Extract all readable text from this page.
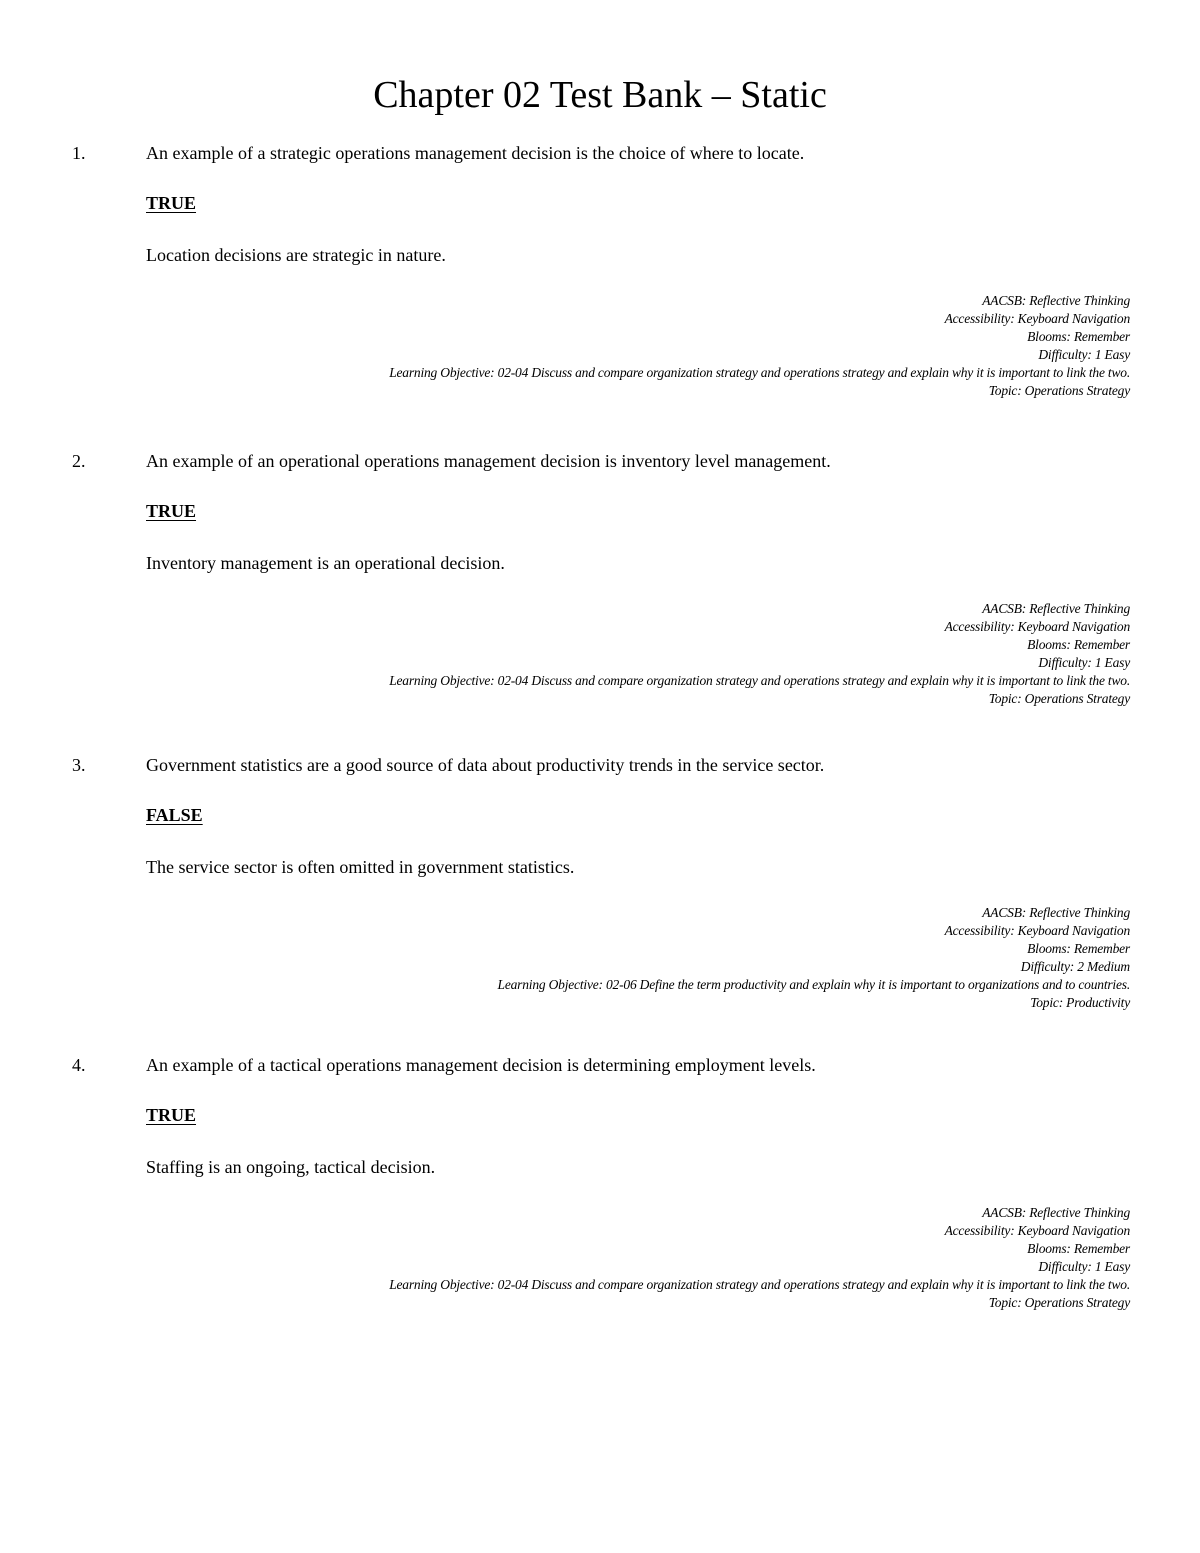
Chapter 02 Test Bank – Static
1.	An example of a strategic operations management decision is the choice of where to locate.
TRUE
Location decisions are strategic in nature.
AACSB: Reflective Thinking
Accessibility: Keyboard Navigation
Blooms: Remember
Difficulty: 1 Easy
Learning Objective: 02-04 Discuss and compare organization strategy and operations strategy and explain why it is important to link the two.
Topic: Operations Strategy
2.	An example of an operational operations management decision is inventory level management.
TRUE
Inventory management is an operational decision.
AACSB: Reflective Thinking
Accessibility: Keyboard Navigation
Blooms: Remember
Difficulty: 1 Easy
Learning Objective: 02-04 Discuss and compare organization strategy and operations strategy and explain why it is important to link the two.
Topic: Operations Strategy
3.	Government statistics are a good source of data about productivity trends in the service sector.
FALSE
The service sector is often omitted in government statistics.
AACSB: Reflective Thinking
Accessibility: Keyboard Navigation
Blooms: Remember
Difficulty: 2 Medium
Learning Objective: 02-06 Define the term productivity and explain why it is important to organizations and to countries.
Topic: Productivity
4.	An example of a tactical operations management decision is determining employment levels.
TRUE
Staffing is an ongoing, tactical decision.
AACSB: Reflective Thinking
Accessibility: Keyboard Navigation
Blooms: Remember
Difficulty: 1 Easy
Learning Objective: 02-04 Discuss and compare organization strategy and operations strategy and explain why it is important to link the two.
Topic: Operations Strategy
